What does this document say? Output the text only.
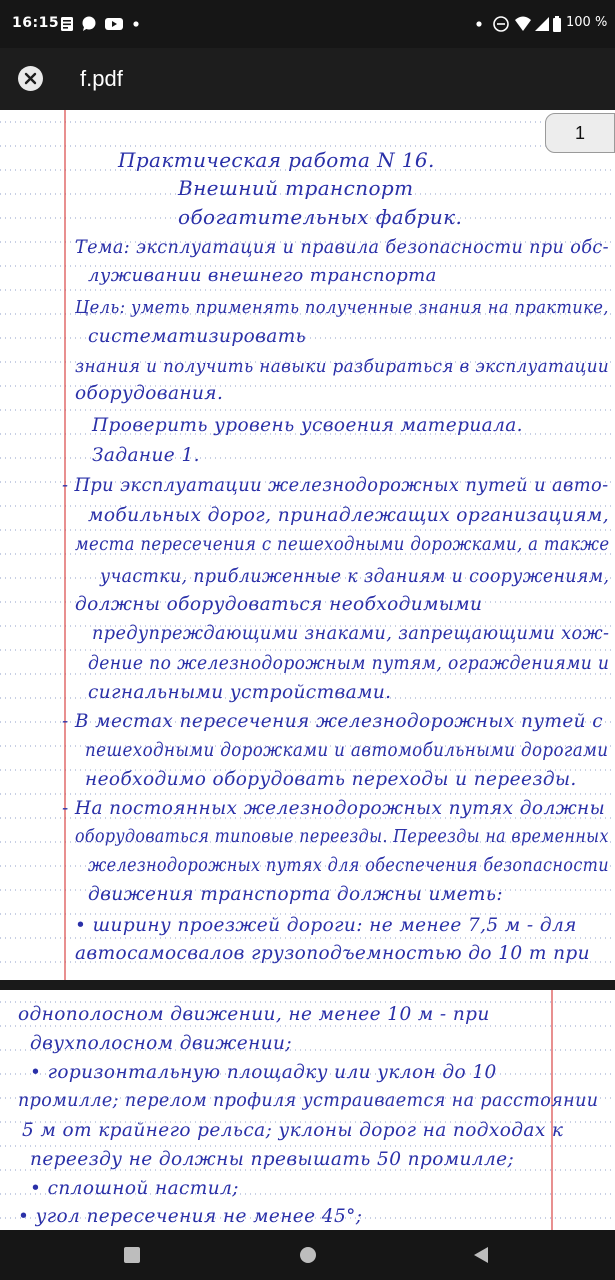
16:15	100 %
f.pdf
Практическая работа N 16.
Внешний транспорт
обогатительных фабрик.
Тема: эксплуатация и правила безопасности при обс-
луживании внешнего транспорта
Цель: уметь применять полученные знания на практике,
систематизировать
знания и получить навыки разбираться в эксплуатации
оборудования.
Проверить уровень усвоения материала.
Задание 1.
- При эксплуатации железнодорожных путей и авто-
мобильных дорог, принадлежащих организациям,
места пересечения с пешеходными дорожками, а также
участки, приближенные к зданиям и сооружениям,
должны оборудоваться необходимыми
предупреждающими знаками, запрещающими хож-
дение по железнодорожным путям, ограждениями и
сигнальными устройствами.
- В местах пересечения железнодорожных путей с
пешеходными дорожками и автомобильными дорогами
необходимо оборудовать переходы и переезды.
- На постоянных железнодорожных путях должны
оборудоваться типовые переезды. Переезды на временных
железнодорожных путях для обеспечения безопасности
движения транспорта должны иметь:
• ширину проезжей дороги: не менее 7,5 м - для
автосамосвалов грузоподъемностью до 10 т при
1
однополосном движении, не менее 10 м - при
двухполосном движении;
• горизонтальную площадку или уклон до 10
промилле; перелом профиля устраивается на расстоянии
5 м от крайнего рельса; уклоны дорог на подходах к
переезду не должны превышать 50 промилле;
• сплошной настил;
• угол пересечения не менее 45°;
